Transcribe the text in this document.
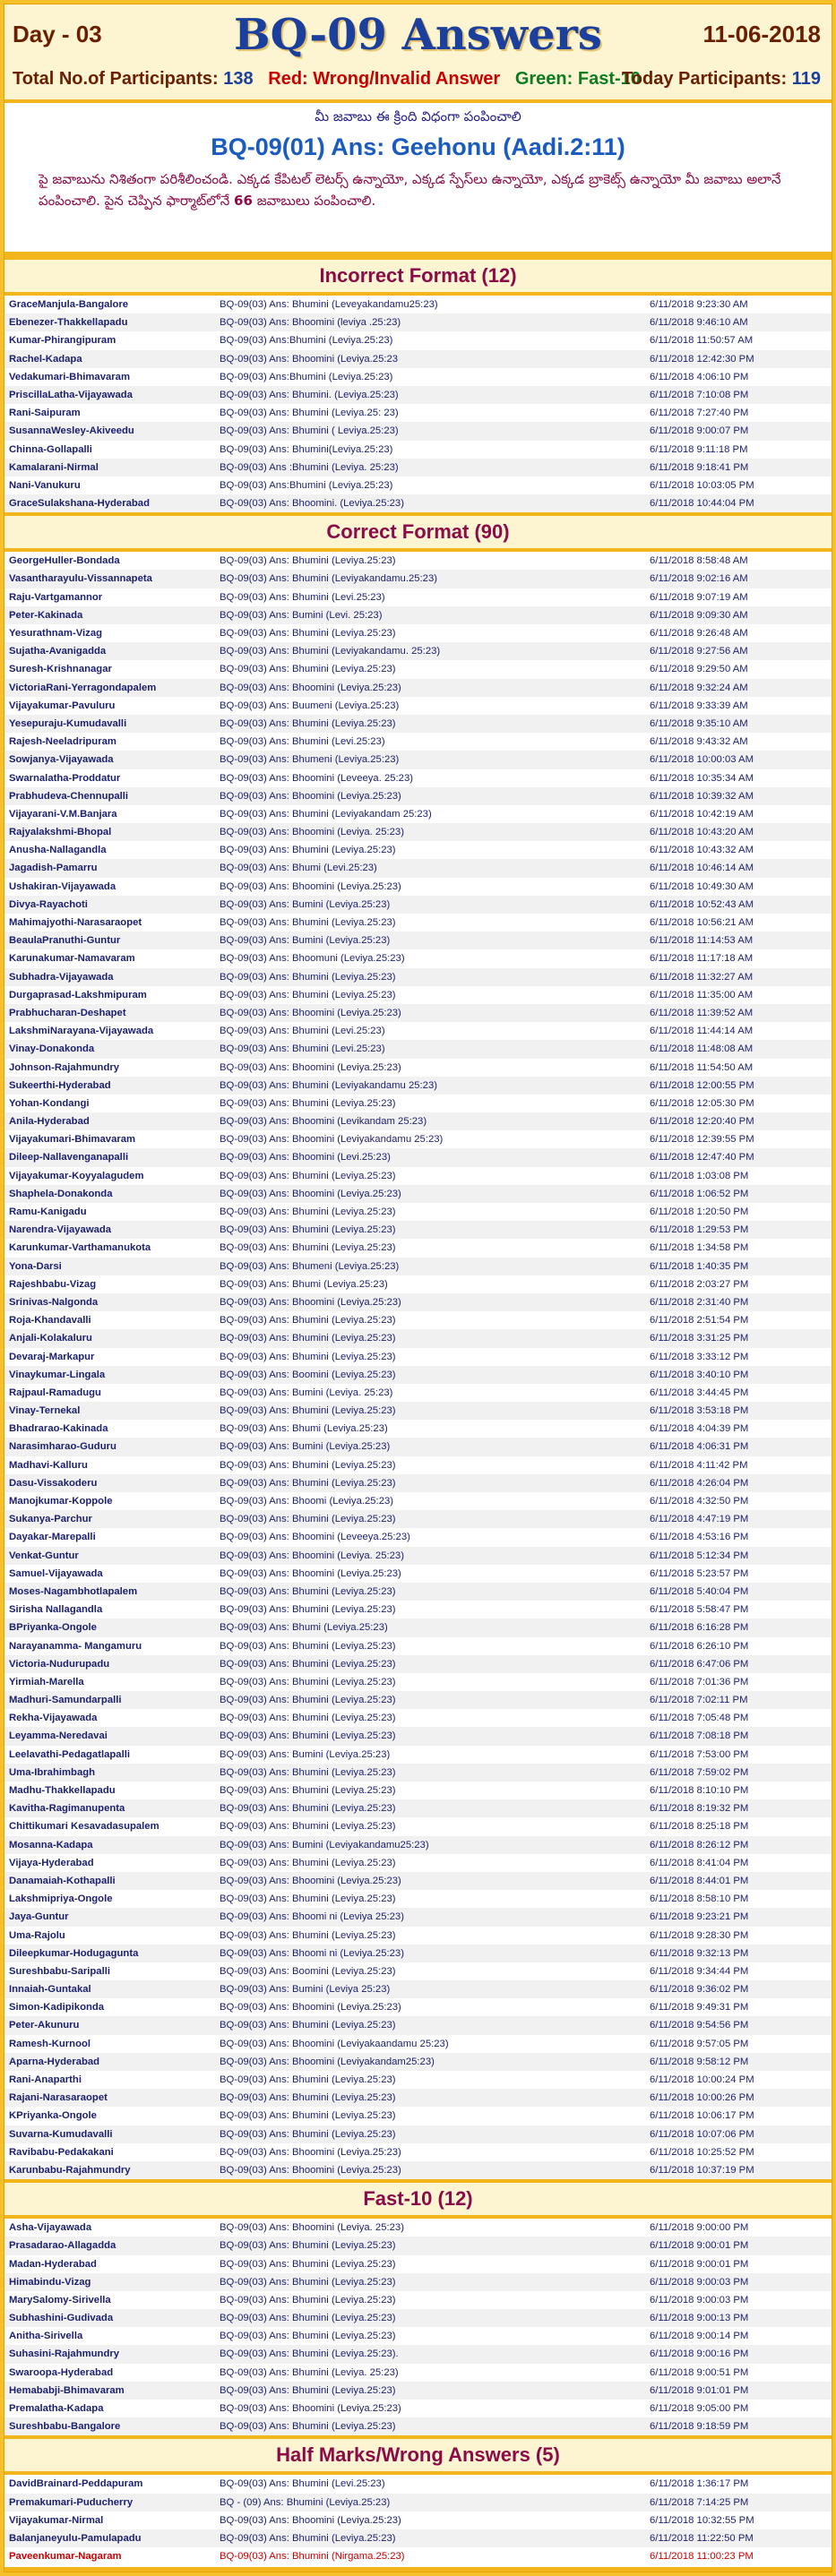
Day - 03	BQ-09 Answers	11-06-2018
Total No.of Participants: 138 Red: Wrong/Invalid Answer Green: Fast-10
Today Participants: 119
మీ జవాబు ఈ క్రింది విధంగా పంపించాలి
BQ-09(01) Ans: Geehonu (Aadi.2:11)
పై జవాబును నిశితంగా పరిశీలించండి. ఎక్కడ కేపిటల్ లెటర్స్ ఉన్నాయో, ఎక్కడ స్పేస్‌లు ఉన్నాయో, ఎక్కడ బ్రాకెట్స్ ఉన్నాయో మీ జవాబు అలానే పంపించాలి. పైన చెప్పిన ఫార్మాట్‌లోనే 66 జవాబులు పంపించాలి.
Incorrect Format (12)
GraceManjula-Bangalore	BQ-09(03) Ans: Bhumini (Leveyakandamu25:23)	6/11/2018 9:23:30 AM
Ebenezer-Thakkellapadu	BQ-09(03) Ans: Bhoomini (leviya .25:23)	6/11/2018 9:46:10 AM
Kumar-Phirangipuram	BQ-09(03) Ans:Bhumini (Leviya.25:23)	6/11/2018 11:50:57 AM
Rachel-Kadapa	BQ-09(03) Ans: Bhoomini (Leviya.25:23	6/11/2018 12:42:30 PM
Vedakumari-Bhimavaram	BQ-09(03) Ans:Bhumini (Leviya.25:23)	6/11/2018 4:06:10 PM
PriscillaLatha-Vijayawada	BQ-09(03) Ans: Bhumini. (Leviya.25:23)	6/11/2018 7:10:08 PM
Rani-Saipuram	BQ-09(03) Ans: Bhumini (Leviya.25: 23)	6/11/2018 7:27:40 PM
SusannaWesley-Akiveedu	BQ-09(03) Ans: Bhumini ( Leviya.25:23)	6/11/2018 9:00:07 PM
Chinna-Gollapalli	BQ-09(03) Ans: Bhumini(Leviya.25:23)	6/11/2018 9:11:18 PM
Kamalarani-Nirmal	BQ-09(03) Ans :Bhumini (Leviya. 25:23)	6/11/2018 9:18:41 PM
Nani-Vanukuru	BQ-09(03) Ans:Bhumini (Leviya.25:23)	6/11/2018 10:03:05 PM
GraceSulakshana-Hyderabad	BQ-09(03) Ans: Bhoomini. (Leviya.25:23)	6/11/2018 10:44:04 PM
Correct Format (90)
GeorgeHuller-Bondada	BQ-09(03) Ans: Bhumini (Leviya.25:23)	6/11/2018 8:58:48 AM
Vasantharayulu-Vissannapeta	BQ-09(03) Ans: Bhumini (Leviyakandamu.25:23)	6/11/2018 9:02:16 AM
Raju-Vartgamannor	BQ-09(03) Ans: Bhumini (Levi.25:23)	6/11/2018 9:07:19 AM
Peter-Kakinada	BQ-09(03) Ans: Bumini (Levi. 25:23)	6/11/2018 9:09:30 AM
Yesurathnam-Vizag	BQ-09(03) Ans: Bhumini (Leviya.25:23)	6/11/2018 9:26:48 AM
Sujatha-Avanigadda	BQ-09(03) Ans: Bhumini (Leviyakandamu. 25:23)	6/11/2018 9:27:56 AM
Suresh-Krishnanagar	BQ-09(03) Ans: Bhumini (Leviya.25:23)	6/11/2018 9:29:50 AM
VictoriaRani-Yerragondapalem	BQ-09(03) Ans: Bhoomini (Leviya.25:23)	6/11/2018 9:32:24 AM
Vijayakumar-Pavuluru	BQ-09(03) Ans: Buumeni (Leviya.25:23)	6/11/2018 9:33:39 AM
Yesepuraju-Kumudavalli	BQ-09(03) Ans: Bhumini (Leviya.25:23)	6/11/2018 9:35:10 AM
Rajesh-Neeladripuram	BQ-09(03) Ans: Bhumini (Levi.25:23)	6/11/2018 9:43:32 AM
Sowjanya-Vijayawada	BQ-09(03) Ans: Bhumeni (Leviya.25:23)	6/11/2018 10:00:03 AM
Swarnalatha-Proddatur	BQ-09(03) Ans: Bhoomini (Leveeya. 25:23)	6/11/2018 10:35:34 AM
Prabhudeva-Chennupalli	BQ-09(03) Ans: Bhoomini (Leviya.25:23)	6/11/2018 10:39:32 AM
Vijayarani-V.M.Banjara	BQ-09(03) Ans: Bhumini (Leviyakandam 25:23)	6/11/2018 10:42:19 AM
Rajyalakshmi-Bhopal	BQ-09(03) Ans: Bhoomini (Leviya. 25:23)	6/11/2018 10:43:20 AM
Anusha-Nallagandla	BQ-09(03) Ans: Bhumini (Leviya.25:23)	6/11/2018 10:43:32 AM
Jagadish-Pamarru	BQ-09(03) Ans: Bhumi (Levi.25:23)	6/11/2018 10:46:14 AM
Ushakiran-Vijayawada	BQ-09(03) Ans: Bhoomini (Leviya.25:23)	6/11/2018 10:49:30 AM
Divya-Rayachoti	BQ-09(03) Ans: Bumini (Leviya.25:23)	6/11/2018 10:52:43 AM
Mahimajyothi-Narasaraopet	BQ-09(03) Ans: Bhumini (Leviya.25:23)	6/11/2018 10:56:21 AM
BeaulaPranuthi-Guntur	BQ-09(03) Ans: Bumini (Leviya.25:23)	6/11/2018 11:14:53 AM
Karunakumar-Namavaram	BQ-09(03) Ans: Bhoomuni (Leviya.25:23)	6/11/2018 11:17:18 AM
Subhadra-Vijayawada	BQ-09(03) Ans: Bhumini (Leviya.25:23)	6/11/2018 11:32:27 AM
Durgaprasad-Lakshmipuram	BQ-09(03) Ans: Bhumini (Leviya.25:23)	6/11/2018 11:35:00 AM
Prabhucharan-Deshapet	BQ-09(03) Ans: Bhoomini (Leviya.25:23)	6/11/2018 11:39:52 AM
LakshmiNarayana-Vijayawada	BQ-09(03) Ans: Bhumini (Levi.25:23)	6/11/2018 11:44:14 AM
Vinay-Donakonda	BQ-09(03) Ans: Bhumini (Levi.25:23)	6/11/2018 11:48:08 AM
Johnson-Rajahmundry	BQ-09(03) Ans: Bhoomini (Leviya.25:23)	6/11/2018 11:54:50 AM
Sukeerthi-Hyderabad	BQ-09(03) Ans: Bhumini (Leviyakandamu 25:23)	6/11/2018 12:00:55 PM
Yohan-Kondangi	BQ-09(03) Ans: Bhumini (Leviya.25:23)	6/11/2018 12:05:30 PM
Anila-Hyderabad	BQ-09(03) Ans: Bhoomini (Levikandam 25:23)	6/11/2018 12:20:40 PM
Vijayakumari-Bhimavaram	BQ-09(03) Ans: Bhoomini (Leviyakandamu 25:23)	6/11/2018 12:39:55 PM
Dileep-Nallavenganapalli	BQ-09(03) Ans: Bhoomini (Levi.25:23)	6/11/2018 12:47:40 PM
Vijayakumar-Koyyalagudem	BQ-09(03) Ans: Bhumini (Leviya.25:23)	6/11/2018 1:03:08 PM
Shaphela-Donakonda	BQ-09(03) Ans: Bhoomini (Leviya.25:23)	6/11/2018 1:06:52 PM
Ramu-Kanigadu	BQ-09(03) Ans: Bhumini (Leviya.25:23)	6/11/2018 1:20:50 PM
Narendra-Vijayawada	BQ-09(03) Ans: Bhumini (Leviya.25:23)	6/11/2018 1:29:53 PM
Karunkumar-Varthamanukota	BQ-09(03) Ans: Bhumini (Leviya.25:23)	6/11/2018 1:34:58 PM
Yona-Darsi	BQ-09(03) Ans: Bhumeni (Leviya.25:23)	6/11/2018 1:40:35 PM
Rajeshbabu-Vizag	BQ-09(03) Ans: Bhumi (Leviya.25:23)	6/11/2018 2:03:27 PM
Srinivas-Nalgonda	BQ-09(03) Ans: Bhoomini (Leviya.25:23)	6/11/2018 2:31:40 PM
Roja-Khandavalli	BQ-09(03) Ans: Bhumini (Leviya.25:23)	6/11/2018 2:51:54 PM
Anjali-Kolakaluru	BQ-09(03) Ans: Bhumini (Leviya.25:23)	6/11/2018 3:31:25 PM
Devaraj-Markapur	BQ-09(03) Ans: Bhumini (Leviya.25:23)	6/11/2018 3:33:12 PM
Vinaykumar-Lingala	BQ-09(03) Ans: Boomini (Leviya.25:23)	6/11/2018 3:40:10 PM
Rajpaul-Ramadugu	BQ-09(03) Ans: Bumini (Leviya. 25:23)	6/11/2018 3:44:45 PM
Vinay-Ternekal	BQ-09(03) Ans: Bhumini (Leviya.25:23)	6/11/2018 3:53:18 PM
Bhadrarao-Kakinada	BQ-09(03) Ans: Bhumi (Leviya.25:23)	6/11/2018 4:04:39 PM
Narasimharao-Guduru	BQ-09(03) Ans: Bumini (Leviya.25:23)	6/11/2018 4:06:31 PM
Madhavi-Kalluru	BQ-09(03) Ans: Bhumini (Leviya.25:23)	6/11/2018 4:11:42 PM
Dasu-Vissakoderu	BQ-09(03) Ans: Bhumini (Leviya.25:23)	6/11/2018 4:26:04 PM
Manojkumar-Koppole	BQ-09(03) Ans: Bhoomi (Leviya.25:23)	6/11/2018 4:32:50 PM
Sukanya-Parchur	BQ-09(03) Ans: Bhumini (Leviya.25:23)	6/11/2018 4:47:19 PM
Dayakar-Marepalli	BQ-09(03) Ans: Bhoomini (Leveeya.25:23)	6/11/2018 4:53:16 PM
Venkat-Guntur	BQ-09(03) Ans: Bhoomini (Leviya. 25:23)	6/11/2018 5:12:34 PM
Samuel-Vijayawada	BQ-09(03) Ans: Bhoomini (Leviya.25:23)	6/11/2018 5:23:57 PM
Moses-Nagambhotlapalem	BQ-09(03) Ans: Bhumini (Leviya.25:23)	6/11/2018 5:40:04 PM
Sirisha Nallagandla	BQ-09(03) Ans: Bhumini (Leviya.25:23)	6/11/2018 5:58:47 PM
BPriyanka-Ongole	BQ-09(03) Ans: Bhumi (Leviya.25:23)	6/11/2018 6:16:28 PM
Narayanamma- Mangamuru	BQ-09(03) Ans: Bhumini (Leviya.25:23)	6/11/2018 6:26:10 PM
Victoria-Nudurupadu	BQ-09(03) Ans: Bhumini (Leviya.25:23)	6/11/2018 6:47:06 PM
Yirmiah-Marella	BQ-09(03) Ans: Bhumini (Leviya.25:23)	6/11/2018 7:01:36 PM
Madhuri-Samundarpalli	BQ-09(03) Ans: Bhumini (Leviya.25:23)	6/11/2018 7:02:11 PM
Rekha-Vijayawada	BQ-09(03) Ans: Bhumini (Leviya.25:23)	6/11/2018 7:05:48 PM
Leyamma-Neredavai	BQ-09(03) Ans: Bhumini (Leviya.25:23)	6/11/2018 7:08:18 PM
Leelavathi-Pedagatlapalli	BQ-09(03) Ans: Bumini (Leviya.25:23)	6/11/2018 7:53:00 PM
Uma-Ibrahimbagh	BQ-09(03) Ans: Bhumini (Leviya.25:23)	6/11/2018 7:59:02 PM
Madhu-Thakkellapadu	BQ-09(03) Ans: Bhumini (Leviya.25:23)	6/11/2018 8:10:10 PM
Kavitha-Ragimanupenta	BQ-09(03) Ans: Bhumini (Leviya.25:23)	6/11/2018 8:19:32 PM
Chittikumari Kesavadasupalem	BQ-09(03) Ans: Bhumini (Leviya.25:23)	6/11/2018 8:25:18 PM
Mosanna-Kadapa	BQ-09(03) Ans: Bumini (Leviyakandamu25:23)	6/11/2018 8:26:12 PM
Vijaya-Hyderabad	BQ-09(03) Ans: Bhumini (Leviya.25:23)	6/11/2018 8:41:04 PM
Danamaiah-Kothapalli	BQ-09(03) Ans: Bhoomini (Leviya.25:23)	6/11/2018 8:44:01 PM
Lakshmipriya-Ongole	BQ-09(03) Ans: Bhumini (Leviya.25:23)	6/11/2018 8:58:10 PM
Jaya-Guntur	BQ-09(03) Ans: Bhoomi ni (Leviya 25:23)	6/11/2018 9:23:21 PM
Uma-Rajolu	BQ-09(03) Ans: Bhumini (Leviya.25:23)	6/11/2018 9:28:30 PM
Dileepkumar-Hodugagunta	BQ-09(03) Ans: Bhoomi ni (Leviya.25:23)	6/11/2018 9:32:13 PM
Sureshbabu-Saripalli	BQ-09(03) Ans: Boomini (Leviya.25:23)	6/11/2018 9:34:44 PM
Innaiah-Guntakal	BQ-09(03) Ans: Bumini (Leviya 25:23)	6/11/2018 9:36:02 PM
Simon-Kadipikonda	BQ-09(03) Ans: Bhoomini (Leviya.25:23)	6/11/2018 9:49:31 PM
Peter-Akunuru	BQ-09(03) Ans: Bhumini (Leviya.25:23)	6/11/2018 9:54:56 PM
Ramesh-Kurnool	BQ-09(03) Ans: Bhoomini (Leviyakaandamu 25:23)	6/11/2018 9:57:05 PM
Aparna-Hyderabad	BQ-09(03) Ans: Bhoomini (Leviyakandam25:23)	6/11/2018 9:58:12 PM
Rani-Anaparthi	BQ-09(03) Ans: Bhumini (Leviya.25:23)	6/11/2018 10:00:24 PM
Rajani-Narasaraopet	BQ-09(03) Ans: Bhumini (Leviya.25:23)	6/11/2018 10:00:26 PM
KPriyanka-Ongole	BQ-09(03) Ans: Bhumini (Leviya.25:23)	6/11/2018 10:06:17 PM
Suvarna-Kumudavalli	BQ-09(03) Ans: Bhumini (Leviya.25:23)	6/11/2018 10:07:06 PM
Ravibabu-Pedakakani	BQ-09(03) Ans: Bhoomini (Leviya.25:23)	6/11/2018 10:25:52 PM
Karunbabu-Rajahmundry	BQ-09(03) Ans: Bhoomini (Leviya.25:23)	6/11/2018 10:37:19 PM
Fast-10 (12)
Asha-Vijayawada	BQ-09(03) Ans: Bhoomini (Leviya. 25:23)	6/11/2018 9:00:00 PM
Prasadarao-Allagadda	BQ-09(03) Ans: Bhumini (Leviya.25:23)	6/11/2018 9:00:01 PM
Madan-Hyderabad	BQ-09(03) Ans: Bhumini (Leviya.25:23)	6/11/2018 9:00:01 PM
Himabindu-Vizag	BQ-09(03) Ans: Bhumini (Leviya.25:23)	6/11/2018 9:00:03 PM
MarySalomy-Sirivella	BQ-09(03) Ans: Bhumini (Leviya.25:23)	6/11/2018 9:00:03 PM
Subhashini-Gudivada	BQ-09(03) Ans: Bhumini (Leviya.25:23)	6/11/2018 9:00:13 PM
Anitha-Sirivella	BQ-09(03) Ans: Bhumini (Leviya.25:23)	6/11/2018 9:00:14 PM
Suhasini-Rajahmundry	BQ-09(03) Ans: Bhumini (Leviya.25:23).	6/11/2018 9:00:16 PM
Swaroopa-Hyderabad	BQ-09(03) Ans: Bhumini (Leviya. 25:23)	6/11/2018 9:00:51 PM
Hemababji-Bhimavaram	BQ-09(03) Ans: Bhumini (Leviya.25:23)	6/11/2018 9:01:01 PM
Premalatha-Kadapa	BQ-09(03) Ans: Bhoomini (Leviya.25:23)	6/11/2018 9:05:00 PM
Sureshbabu-Bangalore	BQ-09(03) Ans: Bhumini (Leviya.25:23)	6/11/2018 9:18:59 PM
Half Marks/Wrong Answers (5)
DavidBrainard-Peddapuram	BQ-09(03) Ans: Bhumini (Levi.25:23)	6/11/2018 1:36:17 PM
Premakumari-Puducherry	BQ - (09) Ans: Bhumini (Leviya.25:23)	6/11/2018 7:14:25 PM
Vijayakumar-Nirmal	BQ-09(03) Ans: Bhoomini (Leviya.25:23)	6/11/2018 10:32:55 PM
Balanjaneyulu-Pamulapadu	BQ-09(03) Ans: Bhumini (Leviya.25:23)	6/11/2018 11:22:50 PM
Paveenkumar-Nagaram	BQ-09(03) Ans: Bhumini (Nirgama.25:23)	6/11/2018 11:00:23 PM
